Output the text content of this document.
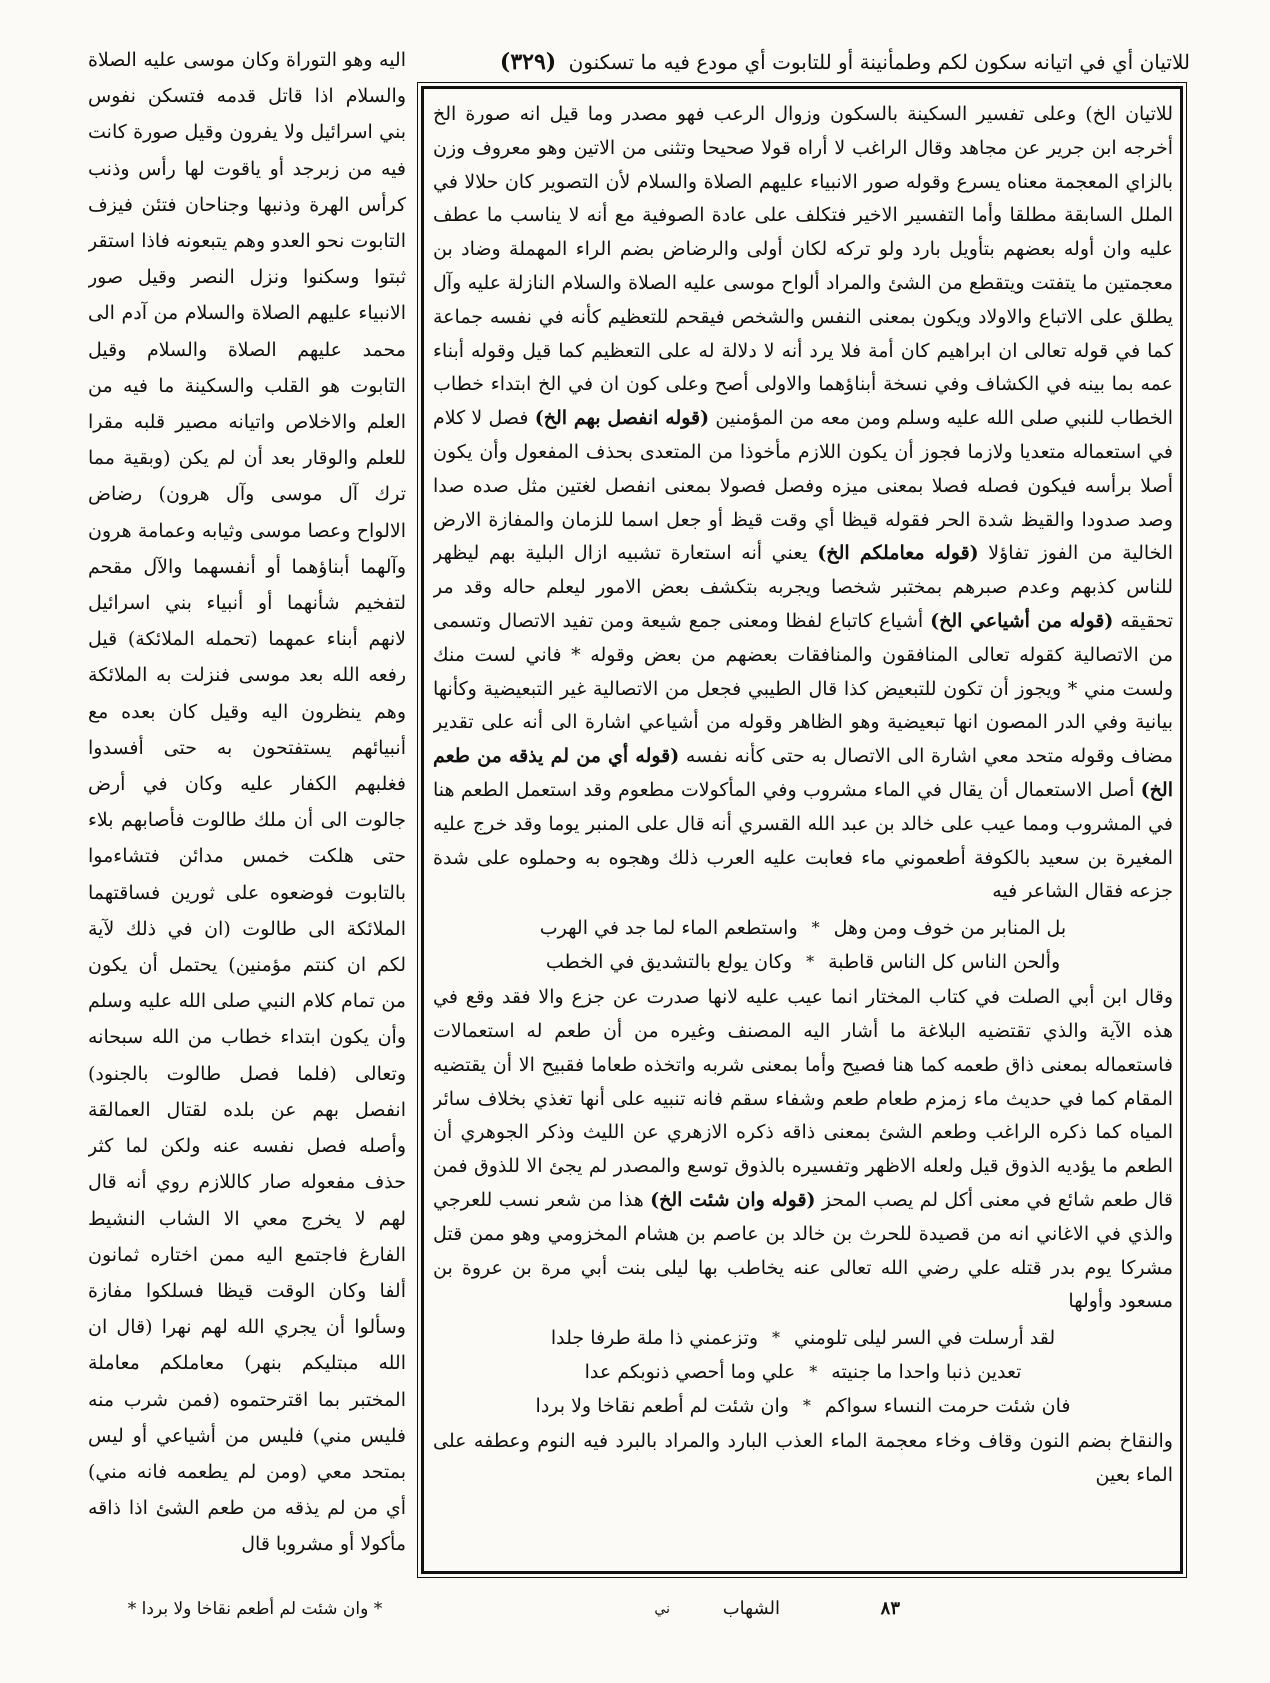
للاتيان أي في اتيانه سكون لكم وطمأنينة أو للتابوت أي مودع فيه ما تسكنون (٣٢٩)

للاتيان الخ) وعلى تفسير السكينة بالسكون وزوال الرعب فهو مصدر وما قيل انه صورة الخ أخرجه ابن جرير عن مجاهد وقال الراغب لا أراه قولا صحيحا وتثنى من الاتين وهو معروف وزن بالزاي المعجمة معناه يسرع وقوله صور الانبياء عليهم الصلاة والسلام لأن التصوير كان حلالا في الملل السابقة مطلقا وأما التفسير الاخير فتكلف على عادة الصوفية مع أنه لا يناسب ما عطف عليه وان أوله بعضهم بتأويل بارد ولو تركه لكان أولى والرضاض بضم الراء المهملة وضاد بن معجمتين ما يتفتت ويتقطع من الشئ والمراد ألواح موسى عليه الصلاة والسلام النازلة عليه وآل يطلق على الاتباع والاولاد ويكون بمعنى النفس والشخص فيقحم للتعظيم كأنه في نفسه جماعة كما في قوله تعالى ان ابراهيم كان أمة فلا يرد أنه لا دلالة له على التعظيم كما قيل وقوله أبناء عمه بما بينه في الكشاف وفي نسخة أبناؤهما والاولى أصح وعلى كون ان في الخ ابتداء خطاب الخطاب للنبي صلى الله عليه وسلم ومن معه من المؤمنين (قوله انفصل بهم الخ) فصل لا كلام في استعماله متعديا ولازما فجوز أن يكون اللازم مأخوذا من المتعدى بحذف المفعول وأن يكون أصلا برأسه فيكون فصله فصلا بمعنى ميزه وفصل فصولا بمعنى انفصل لغتين مثل صده صدا وصد صدودا والقيظ شدة الحر فقوله قيظا أي وقت قيظ أو جعل اسما للزمان والمفازة الارض الخالية من الفوز تفاؤلا (قوله معاملكم الخ) يعني أنه استعارة تشبيه ازال البلية بهم ليظهر للناس كذبهم وعدم صبرهم بمختبر شخصا ويجربه بتكشف بعض الامور ليعلم حاله وقد مر تحقيقه (قوله من أشياعي الخ) أشياع كاتباع لفظا ومعنى جمع شيعة ومن تفيد الاتصال وتسمى من الاتصالية كقوله تعالى المنافقون والمنافقات بعضهم من بعض وقوله * فاني لست منك ولست مني * ويجوز أن تكون للتبعيض كذا قال الطيبي فجعل من الاتصالية غير التبعيضية وكأنها بيانية وفي الدر المصون انها تبعيضية وهو الظاهر وقوله من أشياعي اشارة الى أنه على تقدير مضاف وقوله متحد معي اشارة الى الاتصال به حتى كأنه نفسه (قوله أي من لم يذقه من طعم الخ) أصل الاستعمال أن يقال في الماء مشروب وفي المأكولات مطعوم وقد استعمل الطعم هنا في المشروب ومما عيب على خالد بن عبد الله القسري أنه قال على المنبر يوما وقد خرج عليه المغيرة بن سعيد بالكوفة أطعموني ماء فعابت عليه العرب ذلك وهجوه به وحملوه على شدة جزعه فقال الشاعر فيه

بل المنابر من خوف ومن وهل
*
واستطعم الماء لما جد في الهرب
وألحن الناس كل الناس قاطبة
*
وكان يولع بالتشديق في الخطب

وقال ابن أبي الصلت في كتاب المختار انما عيب عليه لانها صدرت عن جزع والا فقد وقع في هذه الآية والذي تقتضيه البلاغة ما أشار اليه المصنف وغيره من أن طعم له استعمالات فاستعماله بمعنى ذاق طعمه كما هنا فصيح وأما بمعنى شربه واتخذه طعاما فقبيح الا أن يقتضيه المقام كما في حديث ماء زمزم طعام طعم وشفاء سقم فانه تنبيه على أنها تغذي بخلاف سائر المياه كما ذكره الراغب وطعم الشئ بمعنى ذاقه ذكره الازهري عن الليث وذكر الجوهري أن الطعم ما يؤديه الذوق قيل ولعله الاظهر وتفسيره بالذوق توسع والمصدر لم يجئ الا للذوق فمن قال طعم شائع في معنى أكل لم يصب المحز (قوله وان شئت الخ) هذا من شعر نسب للعرجي والذي في الاغاني انه من قصيدة للحرث بن خالد بن عاصم بن هشام المخزومي وهو ممن قتل مشركا يوم بدر قتله علي رضي الله تعالى عنه يخاطب بها ليلى بنت أبي مرة بن عروة بن مسعود وأولها

لقد أرسلت في السر ليلى تلومني
*
وتزعمني ذا ملة طرفا جلدا
تعدين ذنبا واحدا ما جنيته
*
علي وما أحصي ذنوبكم عدا
فان شئت حرمت النساء سواكم
*
وان شئت لم أطعم نقاخا ولا بردا

والنقاخ بضم النون وقاف وخاء معجمة الماء العذب البارد والمراد بالبرد فيه النوم وعطفه على الماء بعين

اليه وهو التوراة وكان موسى عليه الصلاة والسلام اذا قاتل قدمه فتسكن نفوس بني اسرائيل ولا يفرون وقيل صورة كانت فيه من زبرجد أو ياقوت لها رأس وذنب كرأس الهرة وذنبها وجناحان فتئن فيزف التابوت نحو العدو وهم يتبعونه فاذا استقر ثبتوا وسكنوا ونزل النصر وقيل صور الانبياء عليهم الصلاة والسلام من آدم الى محمد عليهم الصلاة والسلام وقيل التابوت هو القلب والسكينة ما فيه من العلم والاخلاص واتيانه مصير قلبه مقرا للعلم والوقار بعد أن لم يكن (وبقية مما ترك آل موسى وآل هرون) رضاض الالواح وعصا موسى وثيابه وعمامة هرون وآلهما أبناؤهما أو أنفسهما والآل مقحم لتفخيم شأنهما أو أنبياء بني اسرائيل لانهم أبناء عمهما (تحمله الملائكة) قيل رفعه الله بعد موسى فنزلت به الملائكة وهم ينظرون اليه وقيل كان بعده مع أنبيائهم يستفتحون به حتى أفسدوا فغلبهم الكفار عليه وكان في أرض جالوت الى أن ملك طالوت فأصابهم بلاء حتى هلكت خمس مدائن فتشاءموا بالتابوت فوضعوه على ثورين فساقتهما الملائكة الى طالوت (ان في ذلك لآية لكم ان كنتم مؤمنين) يحتمل أن يكون من تمام كلام النبي صلى الله عليه وسلم وأن يكون ابتداء خطاب من الله سبحانه وتعالى (فلما فصل طالوت بالجنود) انفصل بهم عن بلده لقتال العمالقة وأصله فصل نفسه عنه ولكن لما كثر حذف مفعوله صار كاللازم روي أنه قال لهم لا يخرج معي الا الشاب النشيط الفارغ فاجتمع اليه ممن اختاره ثمانون ألفا وكان الوقت قيظا فسلكوا مفازة وسألوا أن يجري الله لهم نهرا (قال ان الله مبتليكم بنهر) معاملكم معاملة المختبر بما اقترحتموه (فمن شرب منه فليس مني) فليس من أشياعي أو ليس بمتحد معي (ومن لم يطعمه فانه مني) أي من لم يذقه من طعم الشئ اذا ذاقه مأكولا أو مشروبا قال

* وان شئت لم أطعم نقاخا ولا بردا *	٨٣
الشهاب
ني
